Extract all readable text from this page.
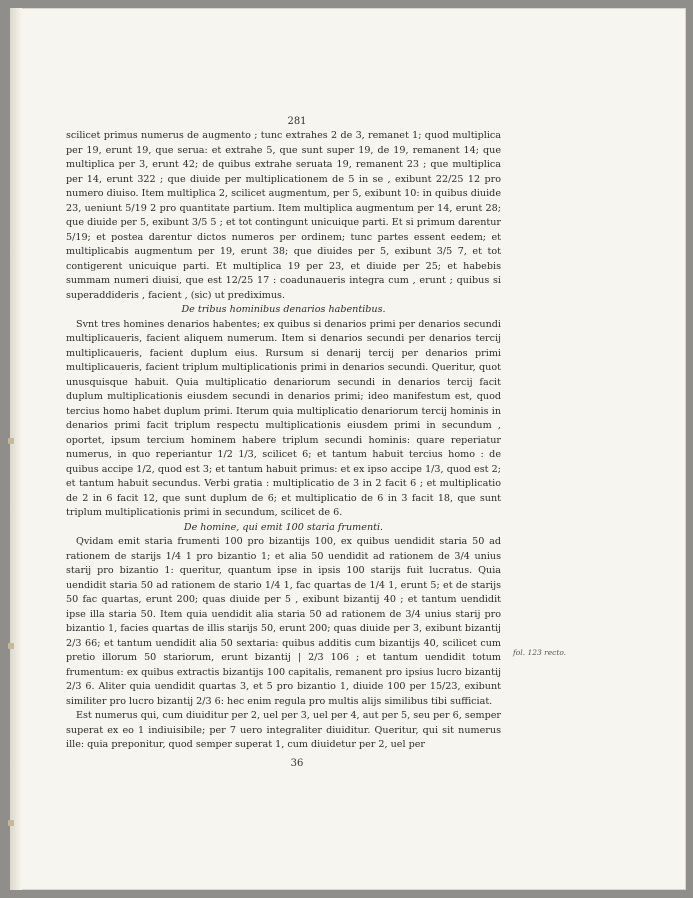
281

scilicet primus numerus de augmento ; tunc extrahes 2 de 3, remanet 1; quod multiplica per 19, erunt 19, que serua: et extrahe 5, que sunt super 19, de 19, remanent 14; que multiplica per 3, erunt 42; de quibus extrahe seruata 19, remanent 23 ; que multiplica per 14, erunt 322 ; que diuide per multiplicationem de 5 in se , exibunt 22/25 12 pro numero diuiso. Item multiplica 2, scilicet augmentum, per 5, exibunt 10: in quibus diuide 23, ueniunt 5/19 2 pro quantitate partium. Item multiplica augmentum per 14, erunt 28; que diuide per 5, exibunt 3/5 5 ; et tot contingunt unicuique parti. Et si primum darentur 5/19; et postea darentur dictos numeros per ordinem; tunc partes essent eedem; et multiplicabis augmentum per 19, erunt 38; que diuides per 5, exibunt 3/5 7, et tot contigerent unicuique parti. Et multiplica 19 per 23, et diuide per 25; et habebis summam numeri diuisi, que est 12/25 17 : coadunaueris integra cum , erunt ; quibus si superaddideris , facient , (sic) ut prediximus.

De tribus hominibus denarios habentibus.

Svnt tres homines denarios habentes; ex quibus si denarios primi per denarios secundi multiplicaueris, facient aliquem numerum. Item si denarios secundi per denarios tercij multiplicaueris, facient duplum eius. Rursum si denarij tercij per denarios primi multiplicaueris, facient triplum multiplicationis primi in denarios secundi. Queritur, quot unusquisque habuit. Quia multiplicatio denariorum secundi in denarios tercij facit duplum multiplicationis eiusdem secundi in denarios primi; ideo manifestum est, quod tercius homo habet duplum primi. Iterum quia multiplicatio denariorum tercij hominis in denarios primi facit triplum respectu multiplicationis eiusdem primi in secundum , oportet, ipsum tercium hominem habere triplum secundi hominis: quare reperiatur numerus, in quo reperiantur 1/2 1/3, scilicet 6; et tantum habuit tercius homo : de quibus accipe 1/2, quod est 3; et tantum habuit primus: et ex ipso accipe 1/3, quod est 2; et tantum habuit secundus. Verbi gratia : multiplicatio de 3 in 2 facit 6 ; et multiplicatio de 2 in 6 facit 12, que sunt duplum de 6; et multiplicatio de 6 in 3 facit 18, que sunt triplum multiplicationis primi in secundum, scilicet de 6.

De homine, qui emit 100 staria frumenti.

Qvidam emit staria frumenti 100 pro bizantijs 100, ex quibus uendidit staria 50 ad rationem de starijs 1/4 1 pro bizantio 1; et alia 50 uendidit ad rationem de 3/4 unius starij pro bizantio 1: queritur, quantum ipse in ipsis 100 starijs fuit lucratus. Quia uendidit staria 50 ad rationem de stario 1/4 1, fac quartas de 1/4 1, erunt 5; et de starijs 50 fac quartas, erunt 200; quas diuide per 5 , exibunt bizantij 40 ; et tantum uendidit ipse illa staria 50. Item quia uendidit alia staria 50 ad rationem de 3/4 unius starij pro bizantio 1, facies quartas de illis starijs 50, erunt 200; quas diuide per 3, exibunt bizantij 2/3 66; et tantum uendidit alia 50 sextaria: quibus additis cum bizantijs 40, scilicet cum pretio illorum 50 stariorum, erunt bizantij | 2/3 106 ; et tantum uendidit totum frumentum: ex quibus extractis bizantijs 100 capitalis, remanent pro ipsius lucro bizantij 2/3 6. Aliter quia uendidit quartas 3, et 5 pro bizantio 1, diuide 100 per 15/23, exibunt similiter pro lucro bizantij 2/3 6: hec enim regula pro multis alijs similibus tibi sufficiat.

Est numerus qui, cum diuiditur per 2, uel per 3, uel per 4, aut per 5, seu per 6, semper superat ex eo 1 indiuisibile; per 7 uero integraliter diuiditur. Queritur, qui sit numerus ille: quia preponitur, quod semper superat 1, cum diuidetur per 2, uel per

fol. 123 recto.
36
